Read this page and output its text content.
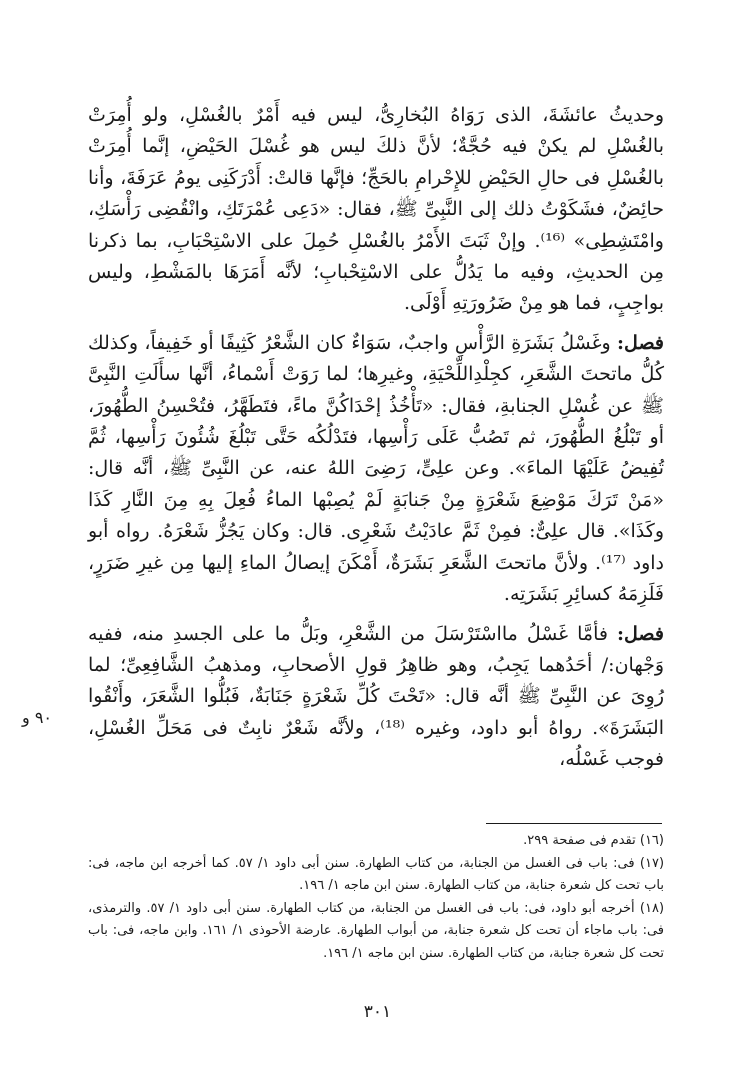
وحديثُ عائشَةَ، الذى رَوَاهُ البُخارِىُّ، ليس فيه أَمْرٌ بالغُسْلِ، ولو أُمِرَتْ بالغُسْلِ لم يكنْ فيه حُجَّةٌ؛ لأنَّ ذلكَ ليس هو غُسْلَ الحَيْضِ، إنَّما أُمِرَتْ بالغُسْلِ فى حالِ الحَيْضِ للإِحْرامِ بالحَجِّ؛ فإنَّها قالتْ: أَدْرَكَنِى يومُ عَرَفَةَ، وأنا حائِضٌ، فشَكَوْتُ ذلك إلى النَّبِىِّ ﷺ، فقال: «دَعِى عُمْرَتَكِ، وانْقُضِى رَأْسَكِ، وامْتَشِطِى» ⁽¹⁶⁾. وإنْ ثَبَتَ الأَمْرُ بالغُسْلِ حُمِلَ على الاسْتِحْبَابِ، بما ذكرنا مِن الحديثِ، وفيه ما يَدُلُّ على الاسْتِحْبابِ؛ لأنَّه أَمَرَهَا بالمَشْطِ، وليس بواجِبٍ، فما هو مِنْ ضَرُورَتِهِ أَوْلَى.

فصل: وغَسْلُ بَشَرَةِ الرَّأْسِ واجبٌ، سَوَاءٌ كان الشَّعْرُ كَثِيفًا أو خَفِيفاً، وكذلك كُلُّ ماتحتَ الشَّعَرِ، كجِلْدِاللِّحْيَةِ، وغيرِها؛ لما رَوَتْ أَسْماءُ، أنَّها سأَلَتِ النَّبِىَّ ﷺ عن غُسْلِ الجنابةِ، فقال: «تَأْخُذُ إحْدَاكُنَّ ماءً، فتَطَهَّرُ، فتُحْسِنُ الطُّهُورَ، أو تَبْلُغُ الطُّهُورَ، ثم تَصُبُّ عَلَى رَأْسِها، فتَدْلُكُه حَتَّى تَبْلُغَ شُئُونَ رَأْسِها، ثُمَّ تُفِيضُ عَلَيْهَا الماءَ». وعن علِىٍّ، رَضِىَ اللهُ عنه، عن النَّبِىِّ ﷺ، أنَّه قال: «مَنْ تَرَكَ مَوْضِعَ شَعْرَةٍ مِنْ جَنابَةٍ لَمْ يُصِبْها الماءُ فُعِلَ بِهِ مِنَ النَّارِ كَذَا وكَذَا». قال علِىٌّ: فمِنْ ثَمَّ عادَيْتُ شَعْرِى. قال: وكان يَجُزُّ شَعْرَهُ. رواه أبو داود ⁽¹⁷⁾. ولأنَّ ماتحتَ الشَّعَرِ بَشَرَةٌ، أَمْكَنَ إيصالُ الماءِ إليها مِن غيرِ ضَرَرٍ، فَلَزِمَهُ كسائِرِ بَشَرَتِه.

فصل: فأمَّا غَسْلُ مااسْتَرْسَلَ من الشَّعْرِ، وبَلُّ ما على الجسدِ منه، ففيه وَجْهان:/ أحَدُهما يَجِبُ، وهو ظاهِرُ قولِ الأصحابِ، ومذهبُ الشَّافِعِىِّ؛ لما رُوِىَ عن النَّبِىِّ ﷺ أنَّه قال: «تَحْتَ كُلِّ شَعْرَةٍ جَنَابَةٌ، فَبُلُّوا الشَّعَرَ، وأَنْقُوا البَشَرَةَ». رواهُ أبو داود، وغيره ⁽¹⁸⁾، ولأنَّه شَعْرٌ نابِتٌ فى مَحَلِّ الغُسْلِ، فوجب غَسْلُه،

٩٠ و

(١٦) تقدم فى صفحة ٢٩٩.

(١٧) فى: باب فى الغسل من الجنابة، من كتاب الطهارة. سنن أبى داود ١/ ٥٧. كما أخرجه ابن ماجه، فى: باب تحت كل شعرة جنابة، من كتاب الطهارة. سنن ابن ماجه ١/ ١٩٦.

(١٨) أخرجه أبو داود، فى: باب فى الغسل من الجنابة، من كتاب الطهارة. سنن أبى داود ١/ ٥٧. والترمذى، فى: باب ماجاء أن تحت كل شعرة جنابة، من أبواب الطهارة. عارضة الأحوذى ١/ ١٦١. وابن ماجه، فى: باب تحت كل شعرة جنابة، من كتاب الطهارة. سنن ابن ماجه ١/ ١٩٦.

٣٠١
